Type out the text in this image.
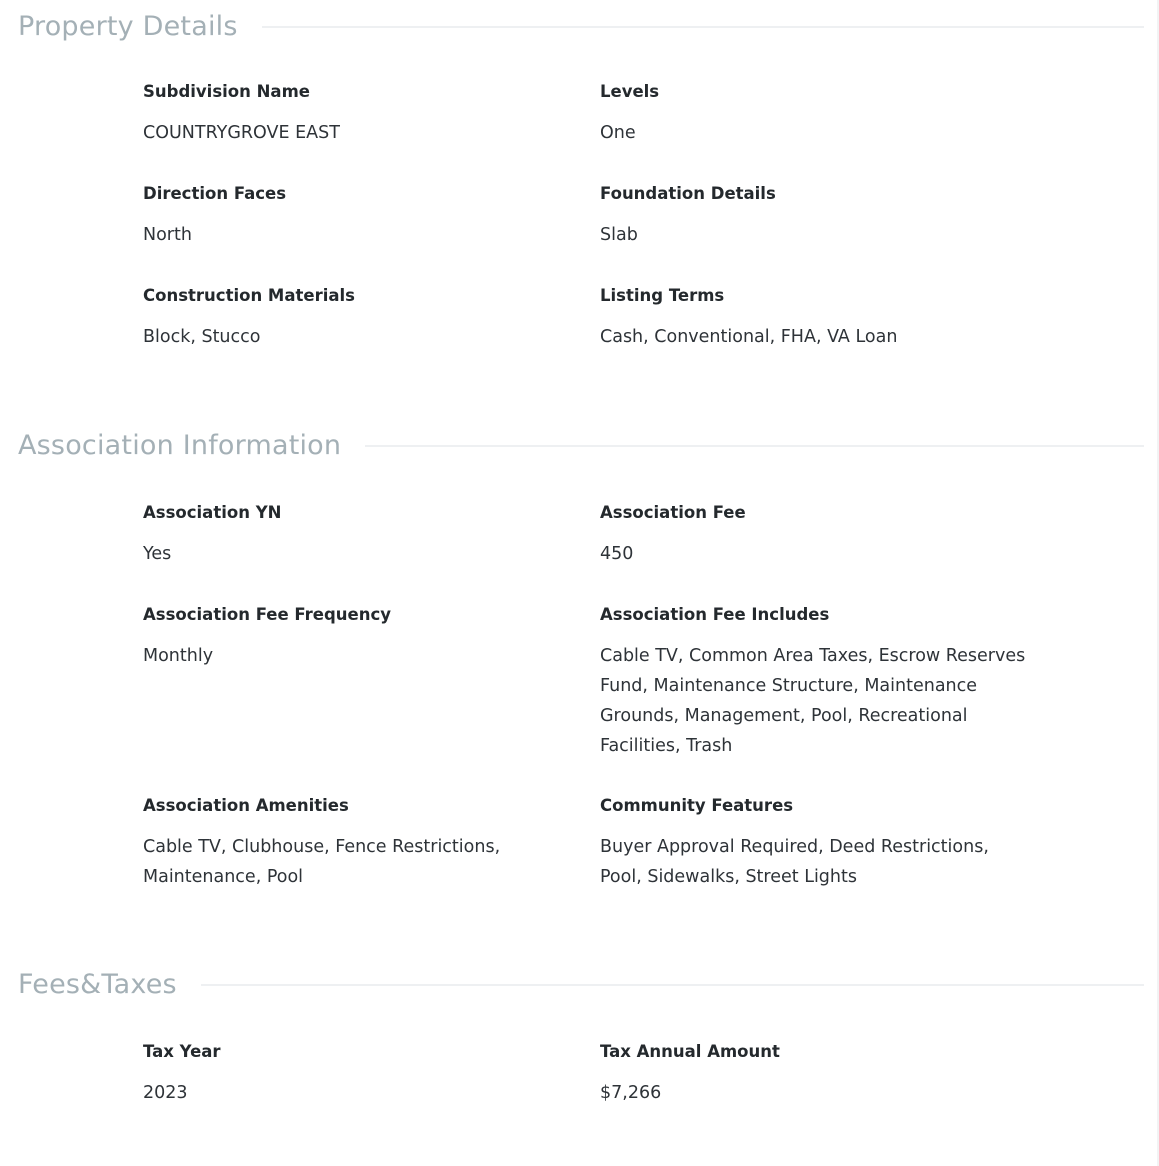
Property Details
Subdivision Name
COUNTRYGROVE EAST
Levels
One
Direction Faces
North
Foundation Details
Slab
Construction Materials
Block, Stucco
Listing Terms
Cash, Conventional, FHA, VA Loan
Association Information
Association YN
Yes
Association Fee
450
Association Fee Frequency
Monthly
Association Fee Includes
Cable TV, Common Area Taxes, Escrow Reserves Fund, Maintenance Structure, Maintenance Grounds, Management, Pool, Recreational Facilities, Trash
Association Amenities
Cable TV, Clubhouse, Fence Restrictions, Maintenance, Pool
Community Features
Buyer Approval Required, Deed Restrictions, Pool, Sidewalks, Street Lights
Fees&Taxes
Tax Year
2023
Tax Annual Amount
$7,266
